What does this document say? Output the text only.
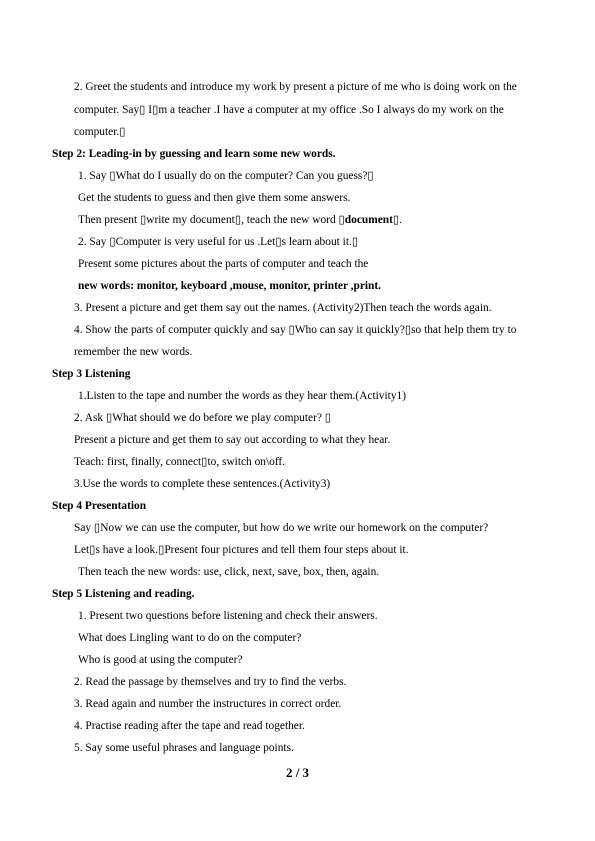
2. Greet the students and introduce my work by present a picture of me who is doing work on the
computer. Say▯ I▯m a teacher .I have a computer at my office .So I always do my work on the
computer.▯
Step 2: Leading-in by guessing and learn some new words.
1. Say ▯What do I usually do on the computer? Can you guess?▯
Get the students to guess and then give them some answers.
Then present ▯write my document▯, teach the new word ▯document▯.
2. Say ▯Computer is very useful for us .Let▯s learn about it.▯
Present some pictures about the parts of computer and teach the
new words: monitor, keyboard ,mouse, monitor, printer ,print.
3. Present a picture and get them say out the names. (Activity2)Then teach the words again.
4. Show the parts of computer quickly and say ▯Who can say it quickly?▯so that help them try to
remember the new words.
Step 3 Listening
1.Listen to the tape and number the words as they hear them.(Activity1)
2. Ask ▯What should we do before we play computer? ▯
Present a picture and get them to say out according to what they hear.
Teach: first, finally, connect▯to, switch on\off.
3.Use the words to complete these sentences.(Activity3)
Step 4 Presentation
Say ▯Now we can use the computer, but how do we write our homework on the computer?
Let▯s have a look.▯Present four pictures and tell them four steps about it.
Then teach the new words: use, click, next, save, box, then, again.
Step 5 Listening and reading.
1. Present two questions before listening and check their answers.
What does Lingling want to do on the computer?
Who is good at using the computer?
2. Read the passage by themselves and try to find the verbs.
3. Read again and number the instructures in correct order.
4. Practise reading after the tape and read together.
5. Say some useful phrases and language points.
2 / 3
